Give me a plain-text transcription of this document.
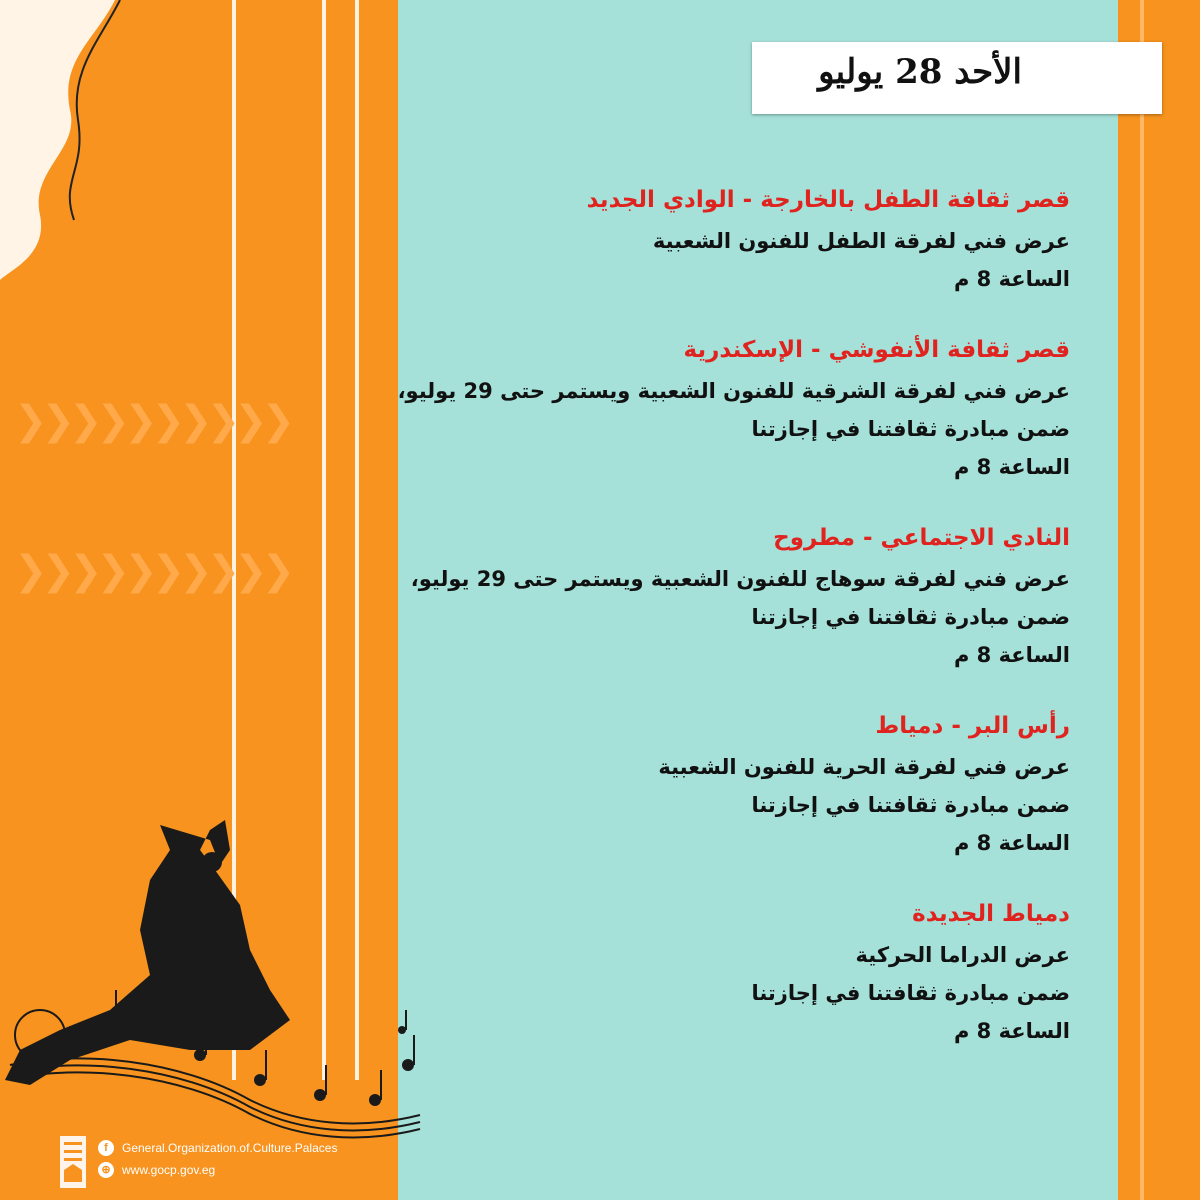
❯❯❯❯❯❯❯❯❯❯
❯❯❯❯❯❯❯❯❯❯
الأحد 28 يوليو
قصر ثقافة الطفل بالخارجة - الوادي الجديد
عرض فني لفرقة الطفل للفنون الشعبية
الساعة 8 م
قصر ثقافة الأنفوشي - الإسكندرية
عرض فني لفرقة الشرقية للفنون الشعبية ويستمر حتى 29 يوليو،
ضمن مبادرة ثقافتنا في إجازتنا
الساعة 8 م
النادي الاجتماعي - مطروح
عرض فني لفرقة سوهاج للفنون الشعبية ويستمر حتى 29 يوليو،
ضمن مبادرة ثقافتنا في إجازتنا
الساعة 8 م
رأس البر - دمياط
عرض فني لفرقة الحرية للفنون الشعبية
ضمن مبادرة ثقافتنا في إجازتنا
الساعة 8 م
دمياط الجديدة
عرض الدراما الحركية
ضمن مبادرة ثقافتنا في إجازتنا
الساعة 8 م
f	General.Organization.of.Culture.Palaces
⊕ www.gocp.gov.eg
